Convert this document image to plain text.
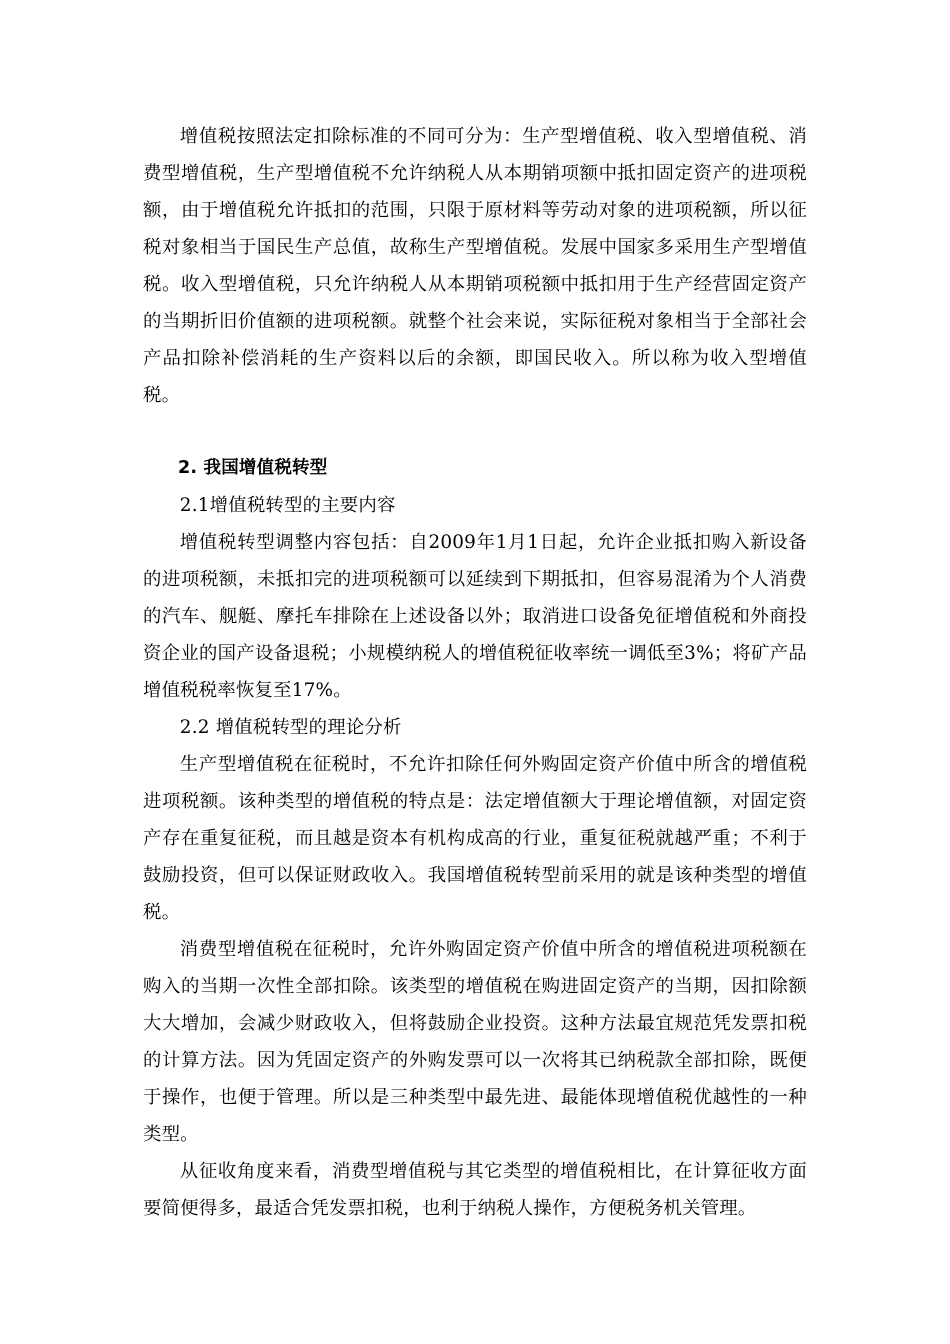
增值税按照法定扣除标准的不同可分为：生产型增值税、收入型增值税、消费型增值税，生产型增值税不允许纳税人从本期销项额中抵扣固定资产的进项税额，由于增值税允许抵扣的范围，只限于原材料等劳动对象的进项税额，所以征税对象相当于国民生产总值，故称生产型增值税。发展中国家多采用生产型增值税。收入型增值税，只允许纳税人从本期销项税额中抵扣用于生产经营固定资产的当期折旧价值额的进项税额。就整个社会来说，实际征税对象相当于全部社会产品扣除补偿消耗的生产资料以后的余额，即国民收入。所以称为收入型增值税。

2. 我国增值税转型

2.1增值税转型的主要内容

增值税转型调整内容包括：自2009年1月1日起，允许企业抵扣购入新设备的进项税额，未抵扣完的进项税额可以延续到下期抵扣，但容易混淆为个人消费的汽车、舰艇、摩托车排除在上述设备以外；取消进口设备免征增值税和外商投资企业的国产设备退税；小规模纳税人的增值税征收率统一调低至3%；将矿产品增值税税率恢复至17%。

2.2 增值税转型的理论分析

生产型增值税在征税时，不允许扣除任何外购固定资产价值中所含的增值税进项税额。该种类型的增值税的特点是：法定增值额大于理论增值额，对固定资产存在重复征税，而且越是资本有机构成高的行业，重复征税就越严重；不利于鼓励投资，但可以保证财政收入。我国增值税转型前采用的就是该种类型的增值税。

消费型增值税在征税时，允许外购固定资产价值中所含的增值税进项税额在购入的当期一次性全部扣除。该类型的增值税在购进固定资产的当期，因扣除额大大增加，会减少财政收入，但将鼓励企业投资。这种方法最宜规范凭发票扣税的计算方法。因为凭固定资产的外购发票可以一次将其已纳税款全部扣除，既便于操作，也便于管理。所以是三种类型中最先进、最能体现增值税优越性的一种类型。

从征收角度来看，消费型增值税与其它类型的增值税相比，在计算征收方面要简便得多，最适合凭发票扣税，也利于纳税人操作，方便税务机关管理。
